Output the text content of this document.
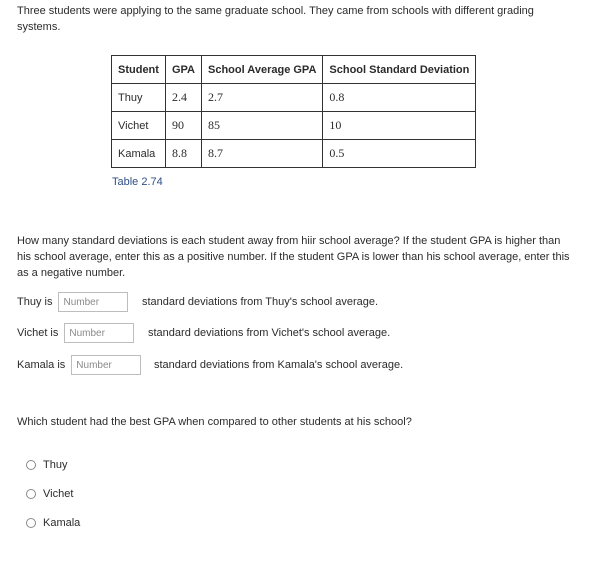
Three students were applying to the same graduate school. They came from schools with different grading systems.
Student	GPA	School Average GPA	School Standard Deviation
Thuy	2.4	2.7	0.8
Vichet	90	85	10
Kamala	8.8	8.7	0.5
Table 2.74
How many standard deviations is each student away from hiir school average? If the student GPA is higher than his school average, enter this as a positive number. If the student GPA is lower than his school average, enter this as a negative number.
Thuy is
Number	standard deviations from Thuy's school average.
Vichet is
Number	standard deviations from Vichet's school average.
Kamala is
Number	standard deviations from Kamala's school average.
Which student had the best GPA when compared to other students at his school?
Thuy
Vichet
Kamala
